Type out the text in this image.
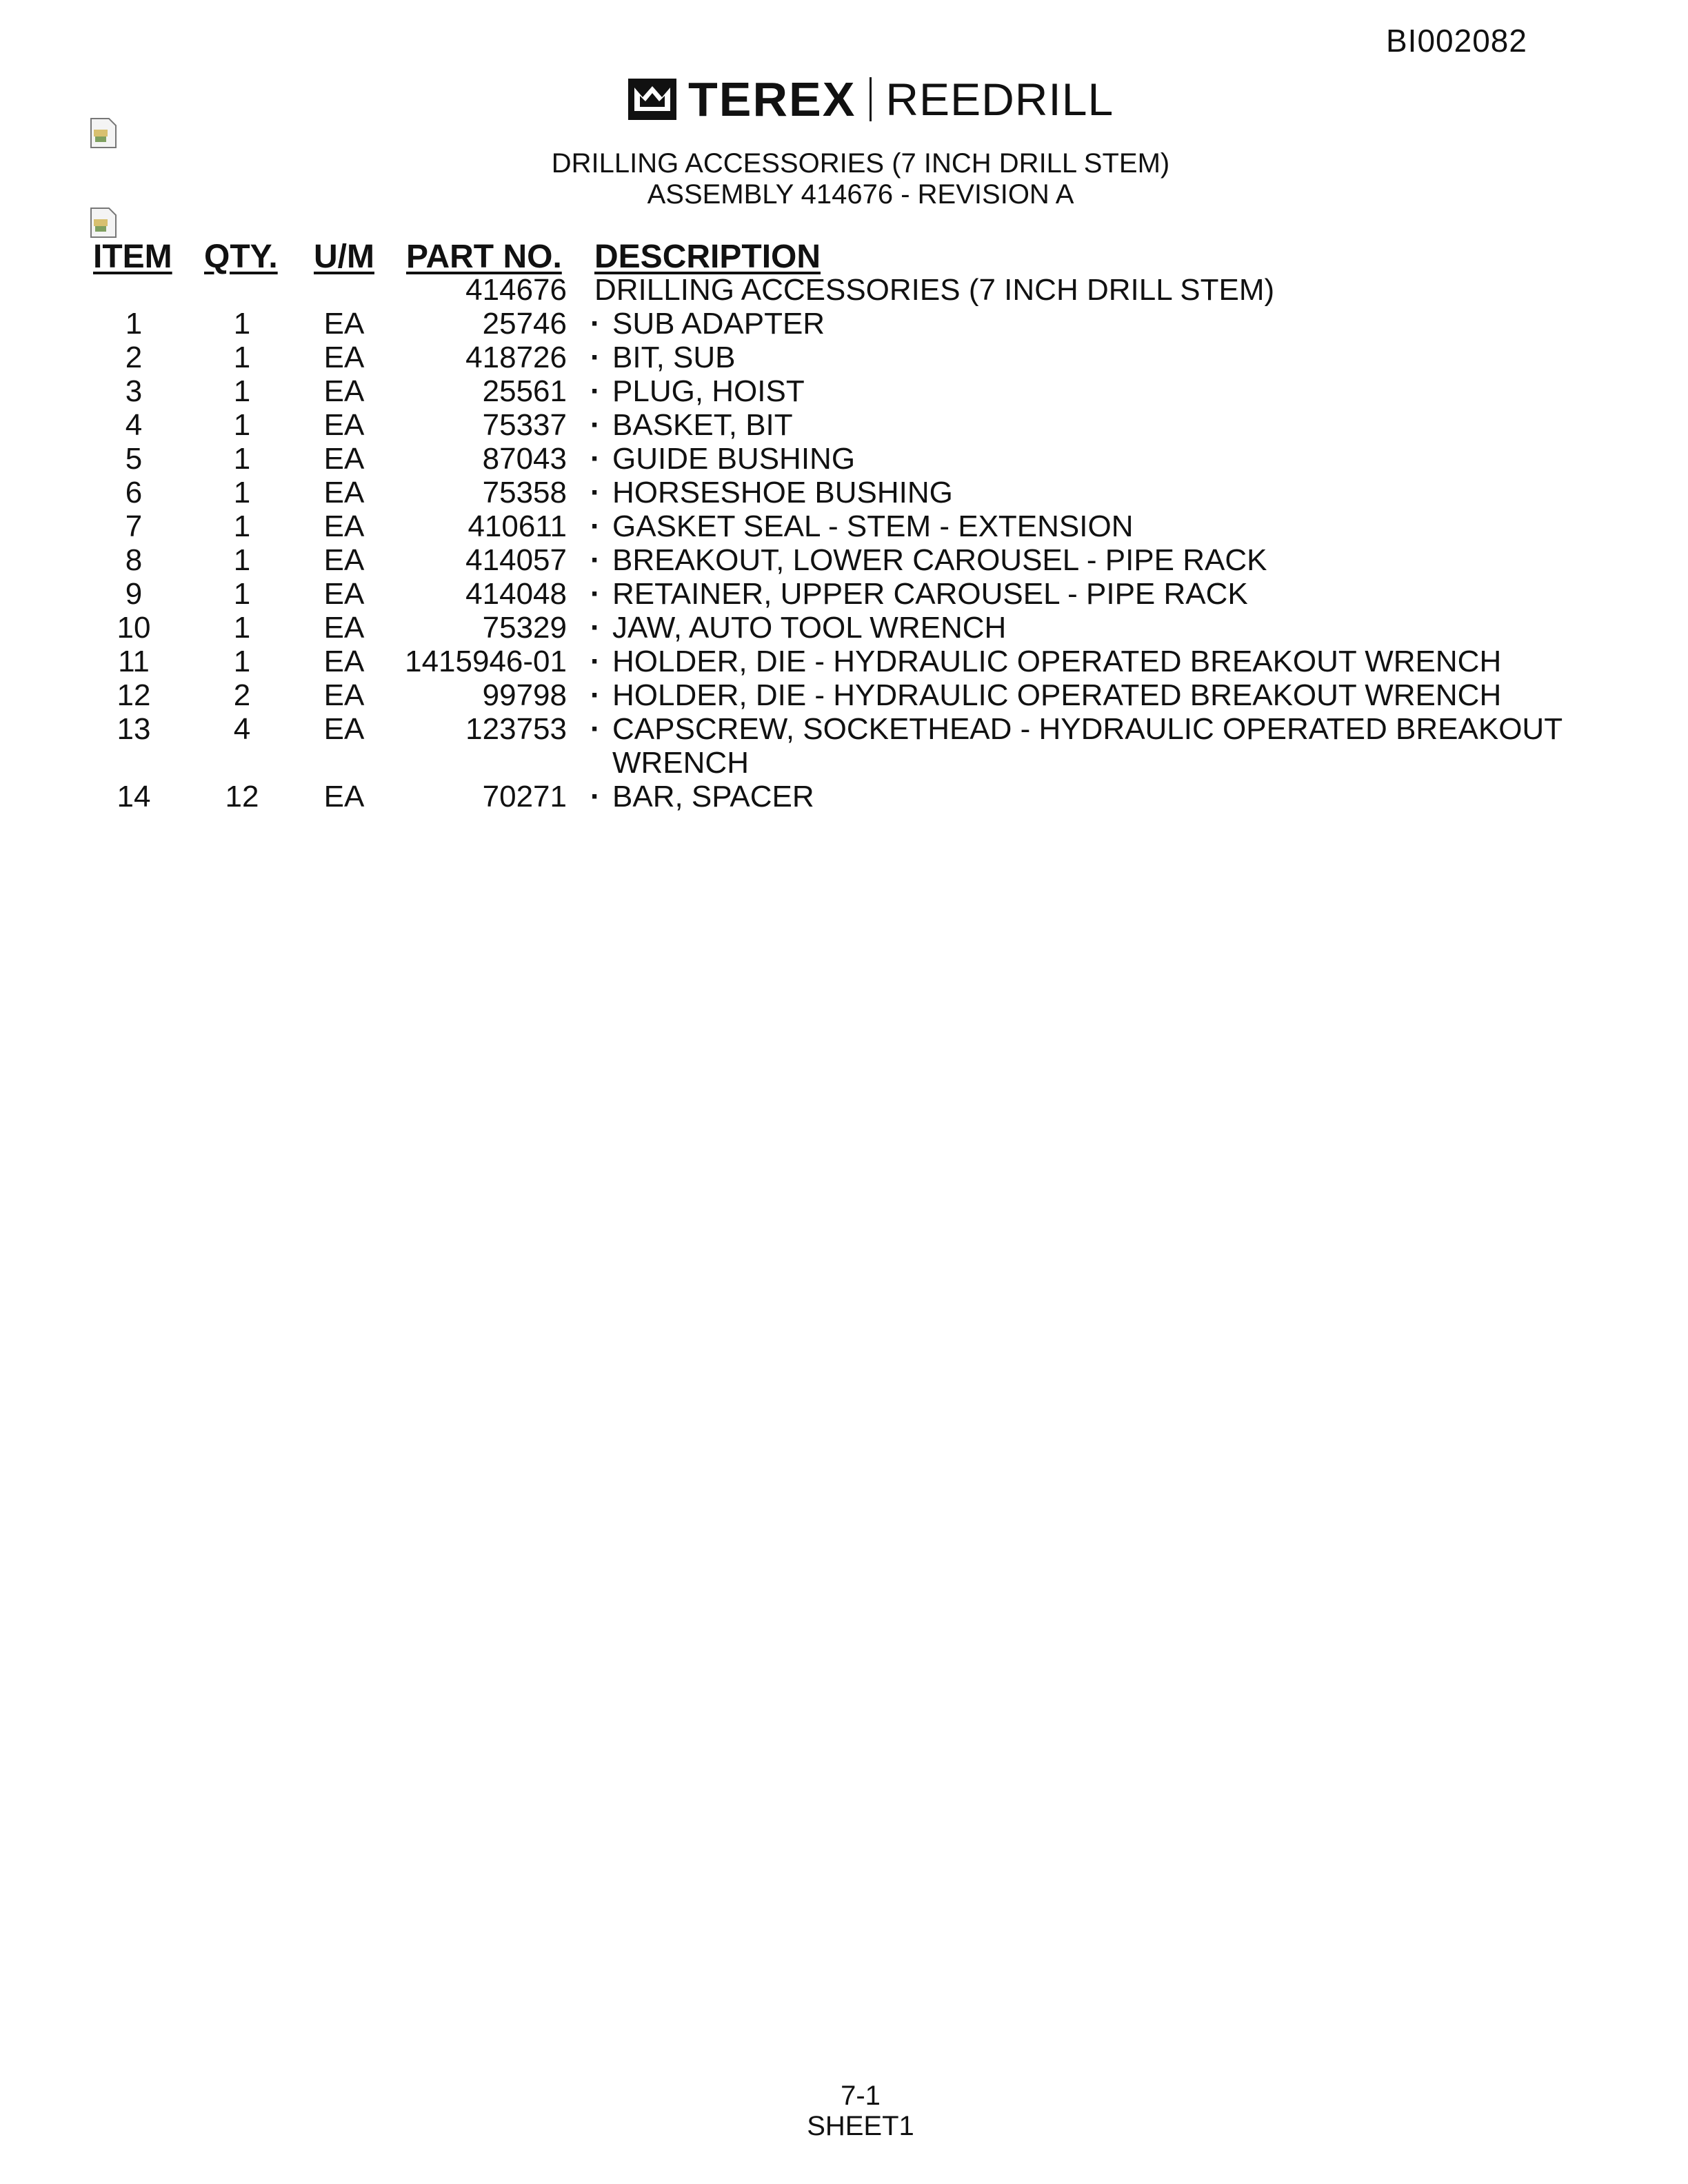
BI002082
TEREX REEDRILL
DRILLING ACCESSORIES (7 INCH DRILL STEM)
ASSEMBLY 414676 - REVISION A
ITEM QTY. U/M PART NO. DESCRIPTION
414676 DRILLING ACCESSORIES (7 INCH DRILL STEM)
1	1	EA	25746 · SUB ADAPTER
2	1	EA	418726 · BIT, SUB
3	1	EA	25561 · PLUG, HOIST
4	1	EA	75337 · BASKET, BIT
5	1	EA	87043 · GUIDE BUSHING
6	1	EA	75358 · HORSESHOE BUSHING
7	1	EA	410611 · GASKET SEAL - STEM - EXTENSION
8	1	EA	414057 · BREAKOUT, LOWER CAROUSEL - PIPE RACK
9	1	EA	414048 · RETAINER, UPPER CAROUSEL - PIPE RACK
10	1	EA	75329 · JAW, AUTO TOOL WRENCH
11	1	EA	1415946-01 · HOLDER, DIE - HYDRAULIC OPERATED BREAKOUT WRENCH
12	2	EA	99798 · HOLDER, DIE - HYDRAULIC OPERATED BREAKOUT WRENCH
13	4	EA	123753 · CAPSCREW, SOCKETHEAD - HYDRAULIC OPERATED BREAKOUT
WRENCH
14	12	EA	70271 · BAR, SPACER
7-1
SHEET1
